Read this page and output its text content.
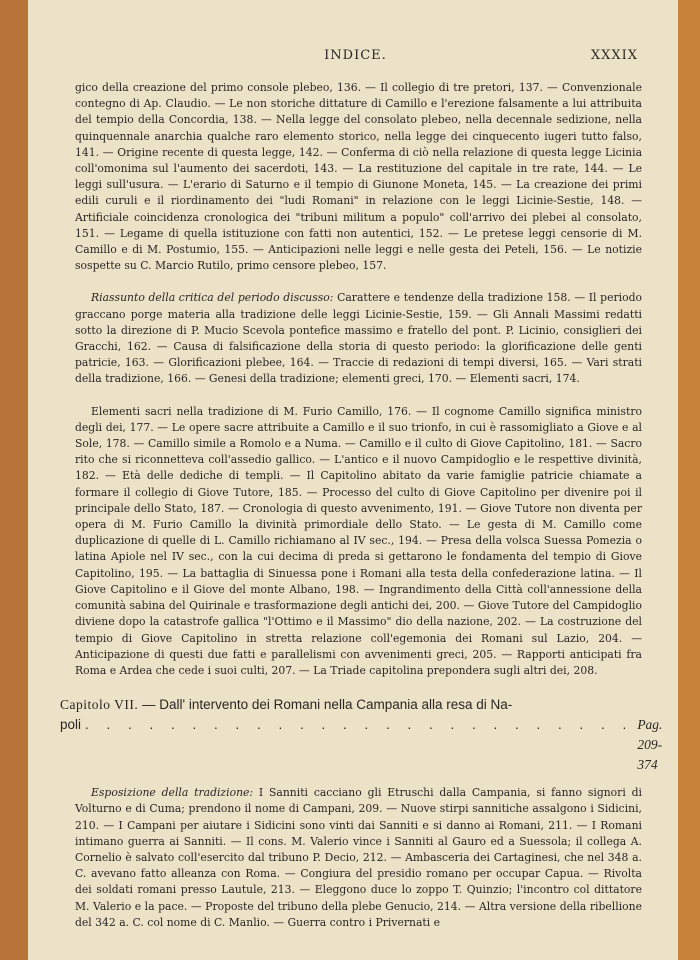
INDICE.	XXXIX

gico della creazione del primo console plebeo, 136. — Il collegio di tre pretori, 137. — Convenzionale contegno di Ap. Claudio. — Le non storiche dittature di Camillo e l'erezione falsamente a lui attribuita del tempio della Concordia, 138. — Nella legge del consolato plebeo, nella decennale sedizione, nella quinquennale anarchia qualche raro elemento storico, nella legge dei cinquecento iugeri tutto falso, 141. — Origine recente di questa legge, 142. — Conferma di ciò nella relazione di questa legge Licinia coll'omonima sul l'aumento dei sacerdoti, 143. — La restituzione del capitale in tre rate, 144. — Le leggi sull'usura. — L'erario di Saturno e il tempio di Giunone Moneta, 145. — La creazione dei primi edili curuli e il riordinamento dei "ludi Romani" in relazione con le leggi Licinie-Sestie, 148. — Artificiale coincidenza cronologica dei "tribuni militum a populo" coll'arrivo dei plebei al consolato, 151. — Legame di quella istituzione con fatti non autentici, 152. — Le pretese leggi censorie di M. Camillo e di M. Postumio, 155. — Anticipazioni nelle leggi e nelle gesta dei Peteli, 156. — Le notizie sospette su C. Marcio Rutilo, primo censore plebeo, 157.

Riassunto della critica del periodo discusso: Carattere e tendenze della tradizione 158. — Il periodo graccano porge materia alla tradizione delle leggi Licinie-Sestie, 159. — Gli Annali Massimi redatti sotto la direzione di P. Mucio Scevola pontefice massimo e fratello del pont. P. Licinio, consiglieri dei Gracchi, 162. — Causa di falsificazione della storia di questo periodo: la glorificazione delle genti patricie, 163. — Glorificazioni plebee, 164. — Traccie di redazioni di tempi diversi, 165. — Vari strati della tradizione, 166. — Genesi della tradizione; elementi greci, 170. — Elementi sacri, 174.

Elementi sacri nella tradizione di M. Furio Camillo, 176. — Il cognome Camillo significa ministro degli dei, 177. — Le opere sacre attribuite a Camillo e il suo trionfo, in cui è rassomigliato a Giove e al Sole, 178. — Camillo simile a Romolo e a Numa. — Camillo e il culto di Giove Capitolino, 181. — Sacro rito che si riconnetteva coll'assedio gallico. — L'antico e il nuovo Campidoglio e le respettive divinità, 182. — Età delle dediche di templi. — Il Capitolino abitato da varie famiglie patricie chiamate a formare il collegio di Giove Tutore, 185. — Processo del culto di Giove Capitolino per divenire poi il principale dello Stato, 187. — Cronologia di questo avvenimento, 191. — Giove Tutore non diventa per opera di M. Furio Camillo la divinità primordiale dello Stato. — Le gesta di M. Camillo come duplicazione di quelle di L. Camillo richiamano al IV sec., 194. — Presa della volsca Suessa Pomezia o latina Apiole nel IV sec., con la cui decima di preda si gettarono le fondamenta del tempio di Giove Capitolino, 195. — La battaglia di Sinuessa pone i Romani alla testa della confederazione latina. — Il Giove Capitolino e il Giove del monte Albano, 198. — Ingrandimento della Città coll'annessione della comunità sabina del Quirinale e trasformazione degli antichi dei, 200. — Giove Tutore del Campidoglio diviene dopo la catastrofe gallica "l'Ottimo e il Massimo" dio della nazione, 202. — La costruzione del tempio di Giove Capitolino in stretta relazione coll'egemonia dei Romani sul Lazio, 204. — Anticipazione di questi due fatti e parallelismi con avvenimenti greci, 205. — Rapporti anticipati fra Roma e Ardea che cede i suoi culti, 207. — La Triade capitolina prepondera sugli altri dei, 208.

Capitolo VII. — Dall' intervento dei Romani nella Campania alla resa di Na-
poli . . . . . . . . . . . . . . . . . . . . . . . . . . Pag. 209-374

Esposizione della tradizione: I Sanniti cacciano gli Etruschi dalla Campania, si fanno signori di Volturno e di Cuma; prendono il nome di Campani, 209. — Nuove stirpi sannitiche assalgono i Sidicini, 210. — I Campani per aiutare i Sidicini sono vinti dai Sanniti e si danno ai Romani, 211. — I Romani intimano guerra ai Sanniti. — Il cons. M. Valerio vince i Sanniti al Gauro ed a Suessola; il collega A. Cornelio è salvato coll'esercito dal tribuno P. Decio, 212. — Ambasceria dei Cartaginesi, che nel 348 a. C. avevano fatto alleanza con Roma. — Congiura del presidio romano per occupar Capua. — Rivolta dei soldati romani presso Lautule, 213. — Eleggono duce lo zoppo T. Quinzio; l'incontro col dittatore M. Valerio e la pace. — Proposte del tribuno della plebe Genucio, 214. — Altra versione della ribellione del 342 a. C. col nome di C. Manlio. — Guerra contro i Privernati e
